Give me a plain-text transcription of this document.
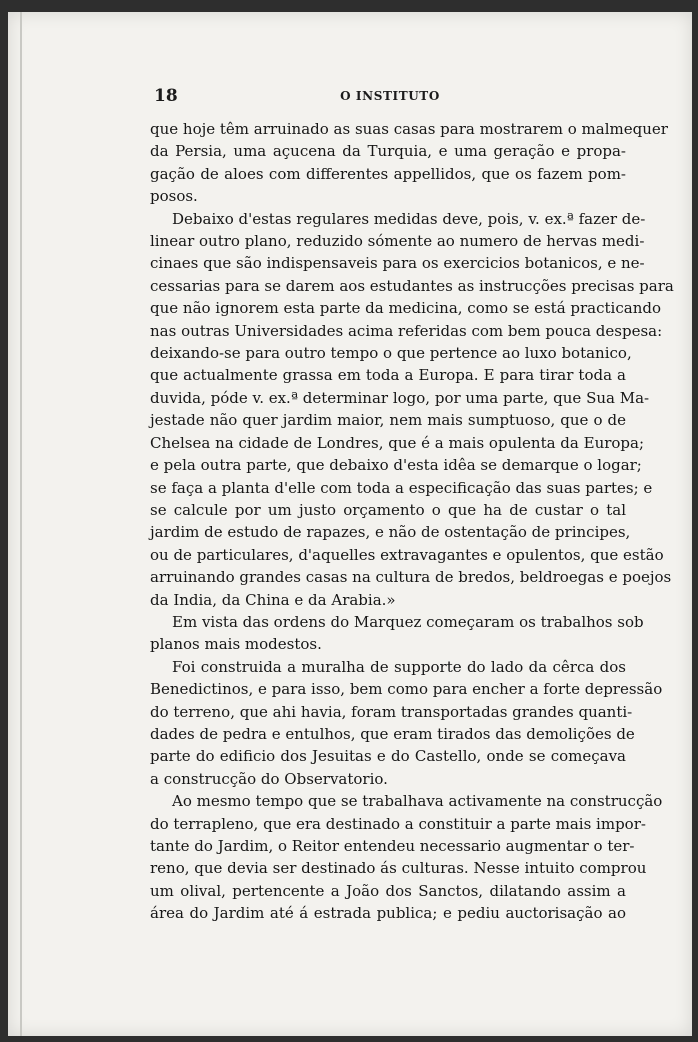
18	O INSTITUTO
que hoje têm arruinado as suas casas para mostrarem o malmequer
da Persia, uma açucena da Turquia, e uma geração e propa-
gação de aloes com differentes appellidos, que os fazem pom-
posos.
Debaixo d'estas regulares medidas deve, pois, v. ex.ª fazer de-
linear outro plano, reduzido sómente ao numero de hervas medi-
cinaes que são indispensaveis para os exercicios botanicos, e ne-
cessarias para se darem aos estudantes as instrucções precisas para
que não ignorem esta parte da medicina, como se está practicando
nas outras Universidades acima referidas com bem pouca despesa:
deixando-se para outro tempo o que pertence ao luxo botanico,
que actualmente grassa em toda a Europa. E para tirar toda a
duvida, póde v. ex.ª determinar logo, por uma parte, que Sua Ma-
jestade não quer jardim maior, nem mais sumptuoso, que o de
Chelsea na cidade de Londres, que é a mais opulenta da Europa;
e pela outra parte, que debaixo d'esta idêa se demarque o logar;
se faça a planta d'elle com toda a especificação das suas partes; e
se calcule por um justo orçamento o que ha de custar o tal
jardim de estudo de rapazes, e não de ostentação de principes,
ou de particulares, d'aquelles extravagantes e opulentos, que estão
arruinando grandes casas na cultura de bredos, beldroegas e poejos
da India, da China e da Arabia.»
Em vista das ordens do Marquez começaram os trabalhos sob
planos mais modestos.
Foi construida a muralha de supporte do lado da cêrca dos
Benedictinos, e para isso, bem como para encher a forte depressão
do terreno, que ahi havia, foram transportadas grandes quanti-
dades de pedra e entulhos, que eram tirados das demolições de
parte do edificio dos Jesuitas e do Castello, onde se começava
a construcção do Observatorio.
Ao mesmo tempo que se trabalhava activamente na construcção
do terrapleno, que era destinado a constituir a parte mais impor-
tante do Jardim, o Reitor entendeu necessario augmentar o ter-
reno, que devia ser destinado ás culturas. Nesse intuito comprou
um olival, pertencente a João dos Sanctos, dilatando assim a
área do Jardim até á estrada publica; e pediu auctorisação ao
